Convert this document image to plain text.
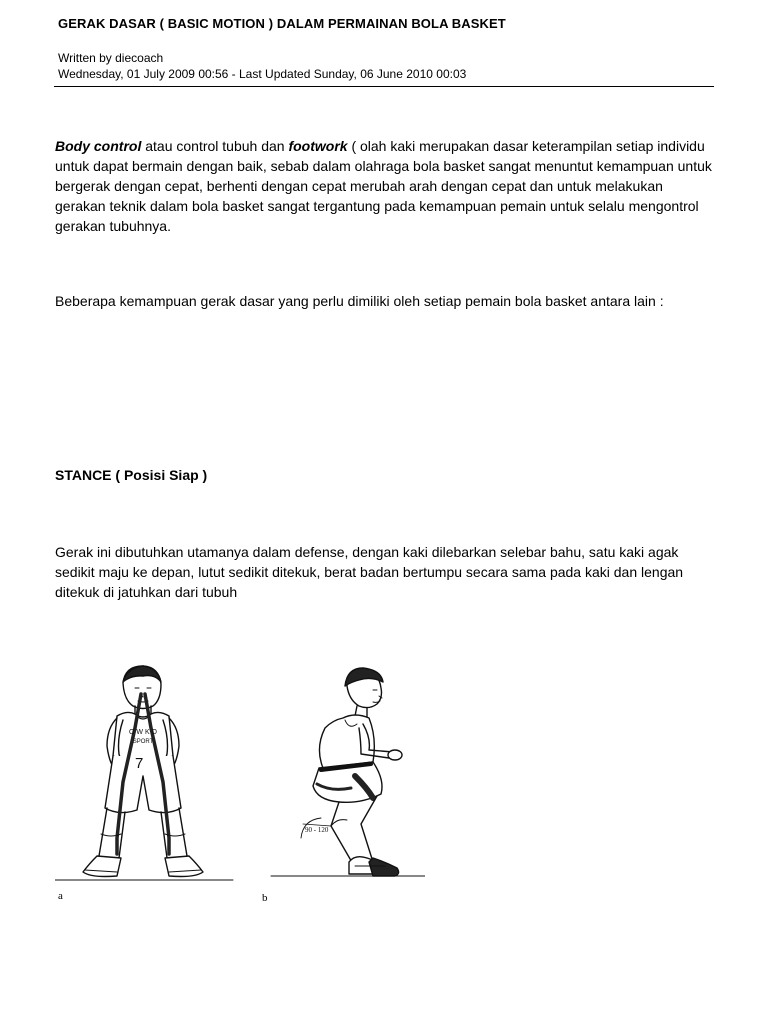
GERAK DASAR ( BASIC MOTION ) DALAM PERMAINAN BOLA BASKET
Written by diecoach
Wednesday, 01 July 2009 00:56 - Last Updated Sunday, 06 June 2010 00:03
Body control atau control tubuh dan footwork ( olah kaki merupakan dasar keterampilan setiap individu untuk dapat bermain dengan baik, sebab dalam olahraga bola basket sangat menuntut kemampuan untuk bergerak dengan cepat, berhenti dengan cepat merubah arah dengan cepat dan untuk melakukan gerakan teknik dalam bola basket sangat tergantung pada kemampuan pemain untuk selalu mengontrol gerakan tubuhnya.
Beberapa kemampuan gerak dasar yang perlu dimiliki oleh setiap pemain bola basket antara lain :
STANCE ( Posisi Siap )
Gerak ini dibutuhkan utamanya dalam defense, dengan kaki dilebarkan selebar bahu, satu kaki agak sedikit maju ke depan, lutut sedikit ditekuk, berat badan bertumpu secara sama pada kaki dan lengan ditekuk di jatuhkan dari tubuh
O W K O
SPORT
7
90 - 120
a	b
